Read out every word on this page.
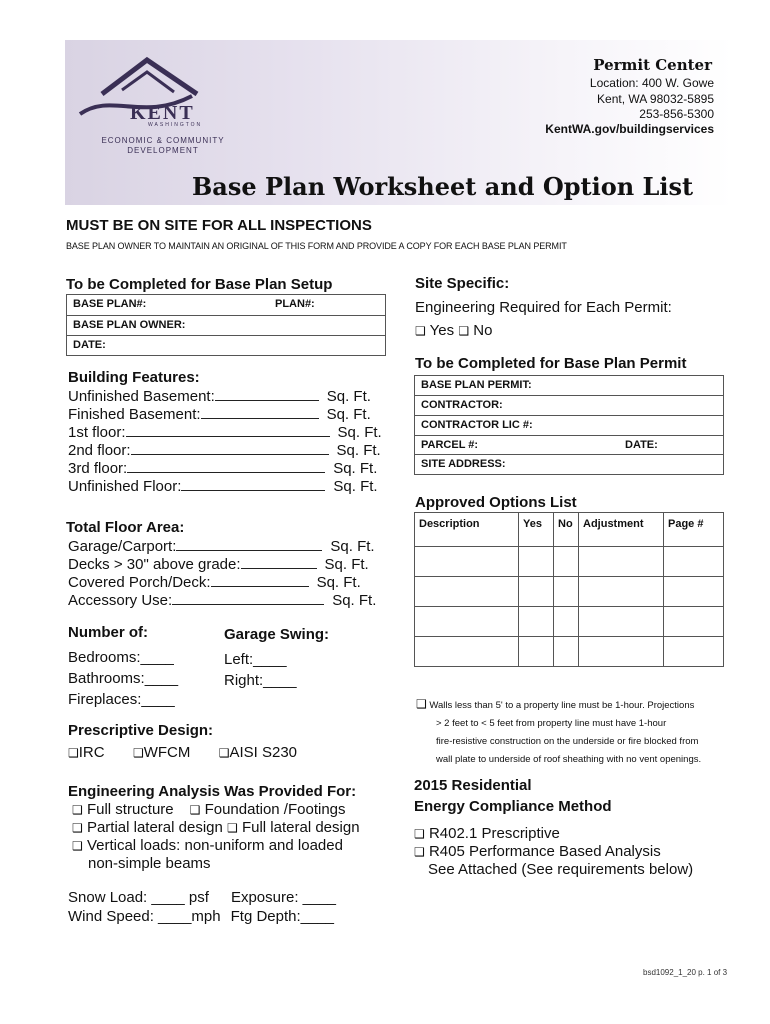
KENT
WASHINGTON
ECONOMIC & COMMUNITY
DEVELOPMENT
Permit Center
Location: 400 W. Gowe
Kent, WA 98032-5895
253-856-5300
KentWA.gov/buildingservices
Base Plan Worksheet and Option List
MUST BE ON SITE FOR ALL INSPECTIONS
BASE PLAN OWNER TO MAINTAIN AN ORIGINAL OF THIS FORM AND PROVIDE A COPY FOR EACH BASE PLAN PERMIT
To be Completed for Base Plan Setup
BASE PLAN#:	PLAN#:
BASE PLAN OWNER:
DATE:
Building Features:
Unfinished Basement:	Sq. Ft.
Finished Basement:	Sq. Ft.
1st floor:	Sq. Ft.
2nd floor:	Sq. Ft.
3rd floor:	Sq. Ft.
Unfinished Floor:	Sq. Ft.
Total Floor Area:
Garage/Carport:	Sq. Ft.
Decks > 30" above grade:	Sq. Ft.
Covered Porch/Deck:	Sq. Ft.
Accessory Use:	Sq. Ft.
Number of:
Bedrooms:____
Bathrooms:____
Fireplaces:____
Garage Swing:
Left:____
Right:____
Prescriptive Design:
❑IRC ❑WFCM ❑AISI S230
Engineering Analysis Was Provided For:
❑ Full structure ❑ Foundation /Footings
❑ Partial lateral design ❑ Full lateral design
❑ Vertical loads: non-uniform and loaded
non-simple beams
Snow Load: ____ psf Exposure: ____
Wind Speed: ____mph Ftg Depth:____
Site Specific:
Engineering Required for Each Permit:
❑ Yes ❑ No
To be Completed for Base Plan Permit
BASE PLAN PERMIT:
CONTRACTOR:
CONTRACTOR LIC #:
PARCEL #:	DATE:
SITE ADDRESS:
Approved Options List
Description	Yes	No	Adjustment	Page #

❑ Walls less than 5' to a property line must be 1-hour. Projections
> 2 feet to < 5 feet from property line must have 1-hour
fire-resistive construction on the underside or fire blocked from
wall plate to underside of roof sheathing with no vent openings.
2015 Residential
Energy Compliance Method
❑ R402.1 Prescriptive
❑ R405 Performance Based Analysis
See Attached (See requirements below)
bsd1092_1_20 p. 1 of 3
